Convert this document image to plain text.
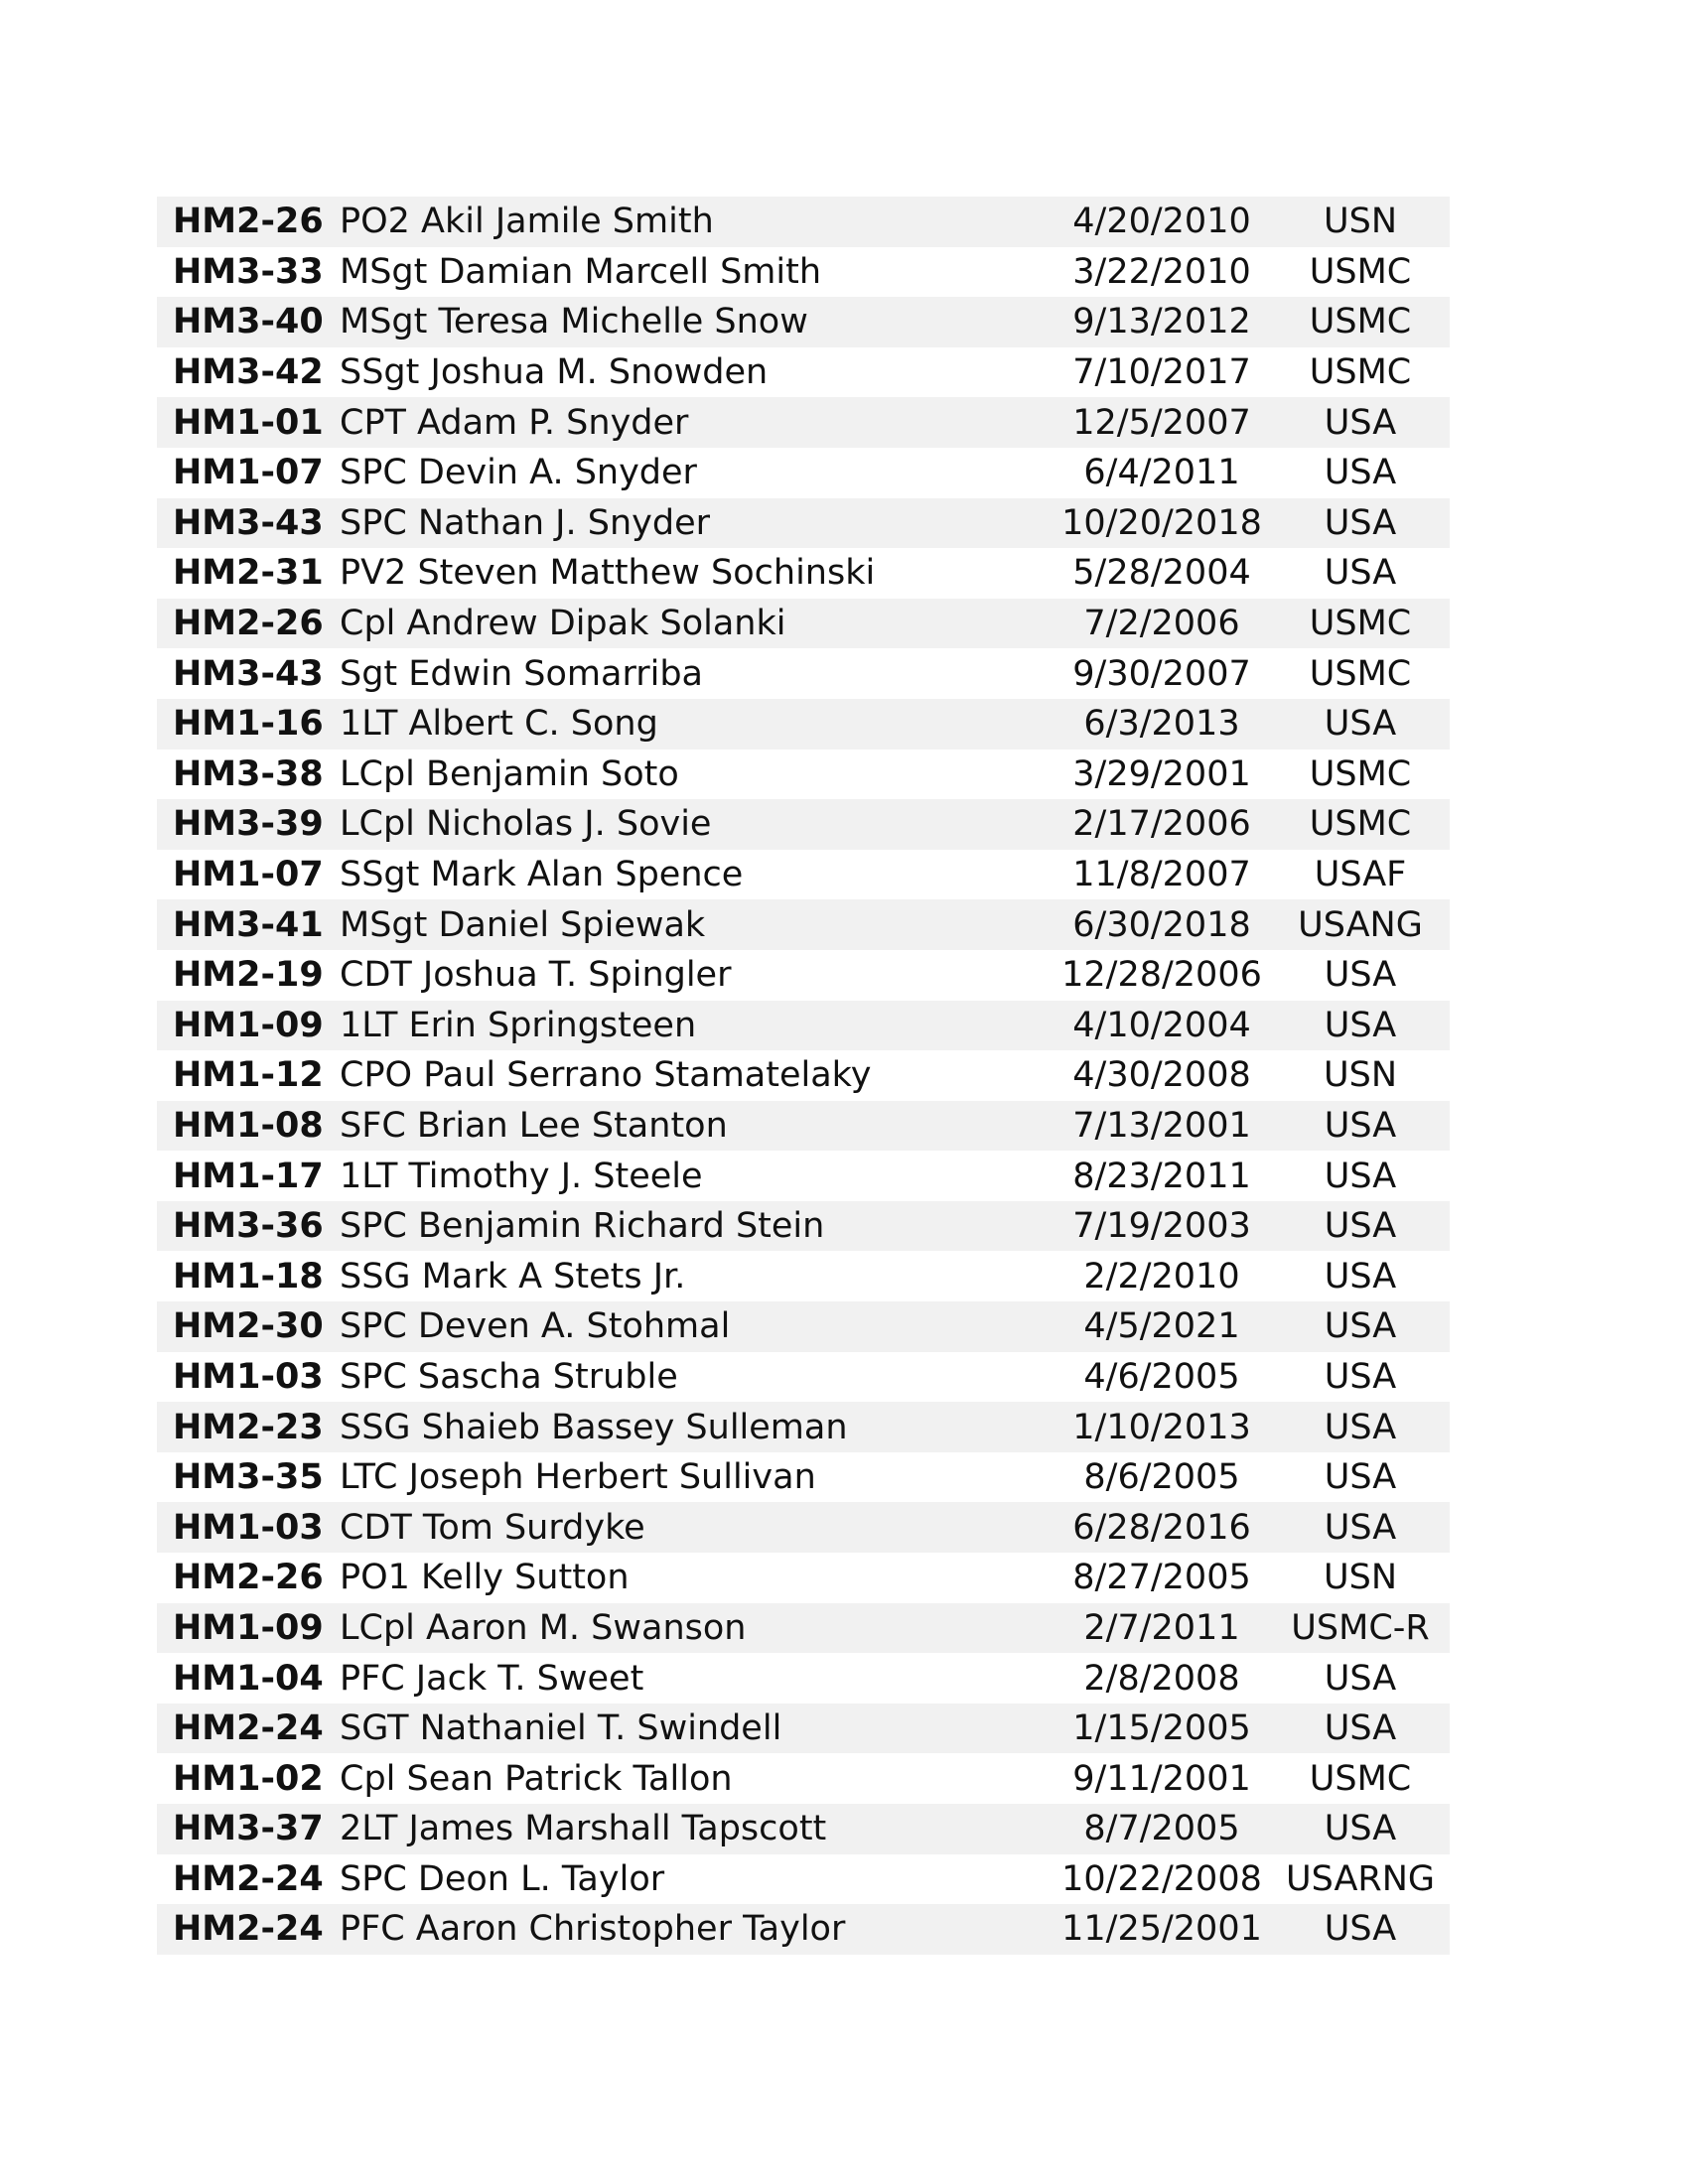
HM2-26	PO2 Akil Jamile Smith	4/20/2010	USN
HM3-33	MSgt Damian Marcell Smith	3/22/2010	USMC
HM3-40	MSgt Teresa Michelle Snow	9/13/2012	USMC
HM3-42	SSgt Joshua M. Snowden	7/10/2017	USMC
HM1-01	CPT Adam P. Snyder	12/5/2007	USA
HM1-07	SPC Devin A. Snyder	6/4/2011	USA
HM3-43	SPC Nathan J. Snyder	10/20/2018	USA
HM2-31	PV2 Steven Matthew Sochinski	5/28/2004	USA
HM2-26	Cpl Andrew Dipak Solanki	7/2/2006	USMC
HM3-43	Sgt Edwin Somarriba	9/30/2007	USMC
HM1-16	1LT Albert C. Song	6/3/2013	USA
HM3-38	LCpl Benjamin Soto	3/29/2001	USMC
HM3-39	LCpl Nicholas J. Sovie	2/17/2006	USMC
HM1-07	SSgt Mark Alan Spence	11/8/2007	USAF
HM3-41	MSgt Daniel Spiewak	6/30/2018	USANG
HM2-19	CDT Joshua T. Spingler	12/28/2006	USA
HM1-09	1LT Erin Springsteen	4/10/2004	USA
HM1-12	CPO Paul Serrano Stamatelaky	4/30/2008	USN
HM1-08	SFC Brian Lee Stanton	7/13/2001	USA
HM1-17	1LT Timothy J. Steele	8/23/2011	USA
HM3-36	SPC Benjamin Richard Stein	7/19/2003	USA
HM1-18	SSG Mark A Stets Jr.	2/2/2010	USA
HM2-30	SPC Deven A. Stohmal	4/5/2021	USA
HM1-03	SPC Sascha Struble	4/6/2005	USA
HM2-23	SSG Shaieb Bassey Sulleman	1/10/2013	USA
HM3-35	LTC Joseph Herbert Sullivan	8/6/2005	USA
HM1-03	CDT Tom Surdyke	6/28/2016	USA
HM2-26	PO1 Kelly Sutton	8/27/2005	USN
HM1-09	LCpl Aaron M. Swanson	2/7/2011	USMC-R
HM1-04	PFC Jack T. Sweet	2/8/2008	USA
HM2-24	SGT Nathaniel T. Swindell	1/15/2005	USA
HM1-02	Cpl Sean Patrick Tallon	9/11/2001	USMC
HM3-37	2LT James Marshall Tapscott	8/7/2005	USA
HM2-24	SPC Deon L. Taylor	10/22/2008	USARNG
HM2-24	PFC Aaron Christopher Taylor	11/25/2001	USA
